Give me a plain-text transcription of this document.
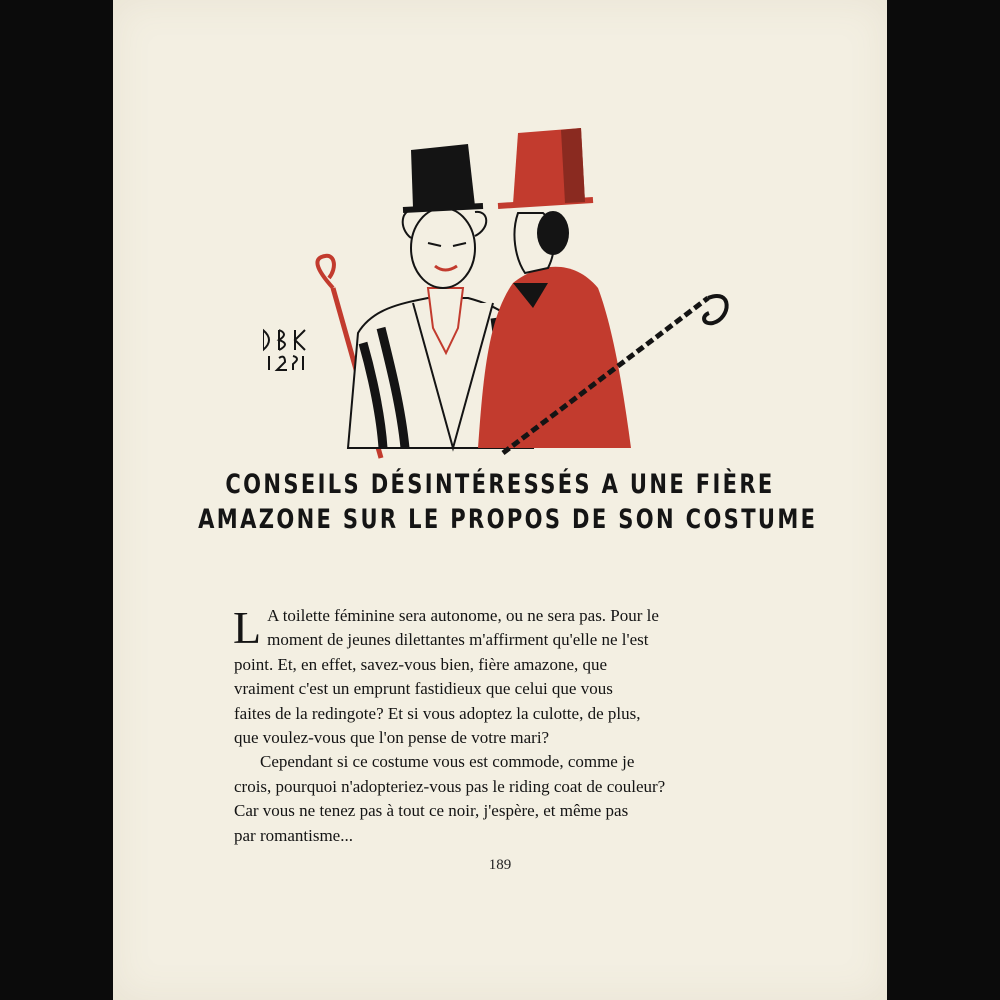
CONSEILS DÉSINTÉRESSÉS A UNE FIÈRE
AMAZONE SUR LE PROPOS DE SON COSTUME

L A toilette féminine sera autonome, ou ne sera pas. Pour le
moment de jeunes dilettantes m'affirment qu'elle ne l'est
point. Et, en effet, savez-vous bien, fière amazone, que
vraiment c'est un emprunt fastidieux que celui que vous
faites de la redingote? Et si vous adoptez la culotte, de plus,
que voulez-vous que l'on pense de votre mari?

Cependant si ce costume vous est commode, comme je
crois, pourquoi n'adopteriez-vous pas le riding coat de couleur?
Car vous ne tenez pas à tout ce noir, j'espère, et même pas
par romantisme...

189
